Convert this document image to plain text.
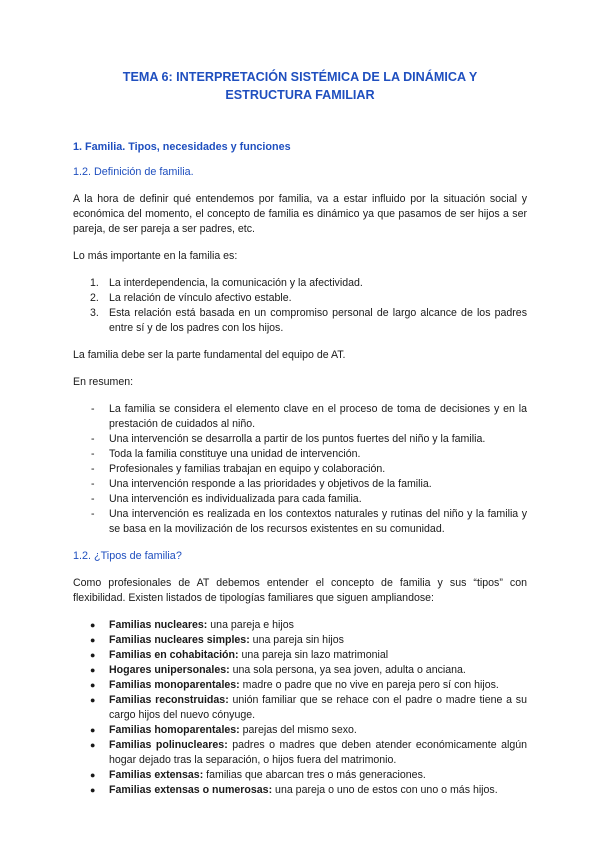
TEMA 6: INTERPRETACIÓN SISTÉMICA DE LA DINÁMICA Y
ESTRUCTURA FAMILIAR
1. Familia. Tipos, necesidades y funciones
1.2. Definición de familia.

A la hora de definir qué entendemos por familia, va a estar influido por la situación social y económica del momento, el concepto de familia es dinámico ya que pasamos de ser hijos a ser pareja, de ser pareja a ser padres, etc.

Lo más importante en la familia es:

1. La interdependencia, la comunicación y la afectividad.
2. La relación de vínculo afectivo estable.
3. Esta relación está basada en un compromiso personal de largo alcance de los padres entre sí y de los padres con los hijos.

La familia debe ser la parte fundamental del equipo de AT.

En resumen:

- La familia se considera el elemento clave en el proceso de toma de decisiones y en la prestación de cuidados al niño.
- Una intervención se desarrolla a partir de los puntos fuertes del niño y la familia.
- Toda la familia constituye una unidad de intervención.
- Profesionales y familias trabajan en equipo y colaboración.
- Una intervención responde a las prioridades y objetivos de la familia.
- Una intervención es individualizada para cada familia.
- Una intervención es realizada en los contextos naturales y rutinas del niño y la familia y se basa en la movilización de los recursos existentes en su comunidad.
1.2. ¿Tipos de familia?

Como profesionales de AT debemos entender el concepto de familia y sus “tipos” con flexibilidad. Existen listados de tipologías familiares que siguen ampliandose:

● Familias nucleares: una pareja e hijos
● Familias nucleares simples: una pareja sin hijos
● Familias en cohabitación: una pareja sin lazo matrimonial
● Hogares unipersonales: una sola persona, ya sea joven, adulta o anciana.
● Familias monoparentales: madre o padre que no vive en pareja pero sí con hijos.
● Familias reconstruidas: unión familiar que se rehace con el padre o madre tiene a su cargo hijos del nuevo cónyuge.
● Familias homoparentales: parejas del mismo sexo.
● Familias polinucleares: padres o madres que deben atender económicamente algún hogar dejado tras la separación, o hijos fuera del matrimonio.
● Familias extensas: familias que abarcan tres o más generaciones.
● Familias extensas o numerosas: una pareja o uno de estos con uno o más hijos.
